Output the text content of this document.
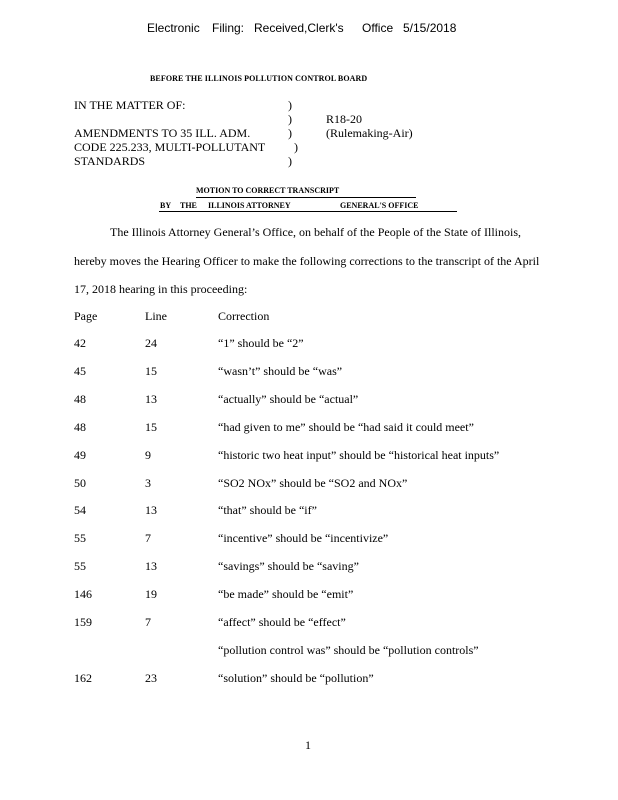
Electronic Filing: Received,Clerk's Office 5/15/2018
BEFORE THE ILLINOIS POLLUTION CONTROL BOARD
IN THE MATTER OF:
AMENDMENTS TO 35 ILL. ADM.
CODE 225.233, MULTI-POLLUTANT
STANDARDS
)
)
)
)
)
R18-20
(Rulemaking-Air)
MOTION TO CORRECT TRANSCRIPT
BY THE ILLINOIS ATTORNEY	GENERAL'S OFFICE
The Illinois Attorney General’s Office, on behalf of the People of the State of Illinois,
hereby moves the Hearing Officer to make the following corrections to the transcript of the April
17, 2018 hearing in this proceeding:
Page	Line	Correction
42	24	“1” should be “2”
45	15	“wasn’t” should be “was”
48	13	“actually” should be “actual”
48	15	“had given to me” should be “had said it could meet”
49	9	“historic two heat input” should be “historical heat inputs”
50	3	“SO2 NOx” should be “SO2 and NOx”
54	13	“that” should be “if”
55	7	“incentive” should be “incentivize”
55	13	“savings” should be “saving”
146	19	“be made” should be “emit”
159	7	“affect” should be “effect”
“pollution control was” should be “pollution controls”
162	23	“solution” should be “pollution”
1
